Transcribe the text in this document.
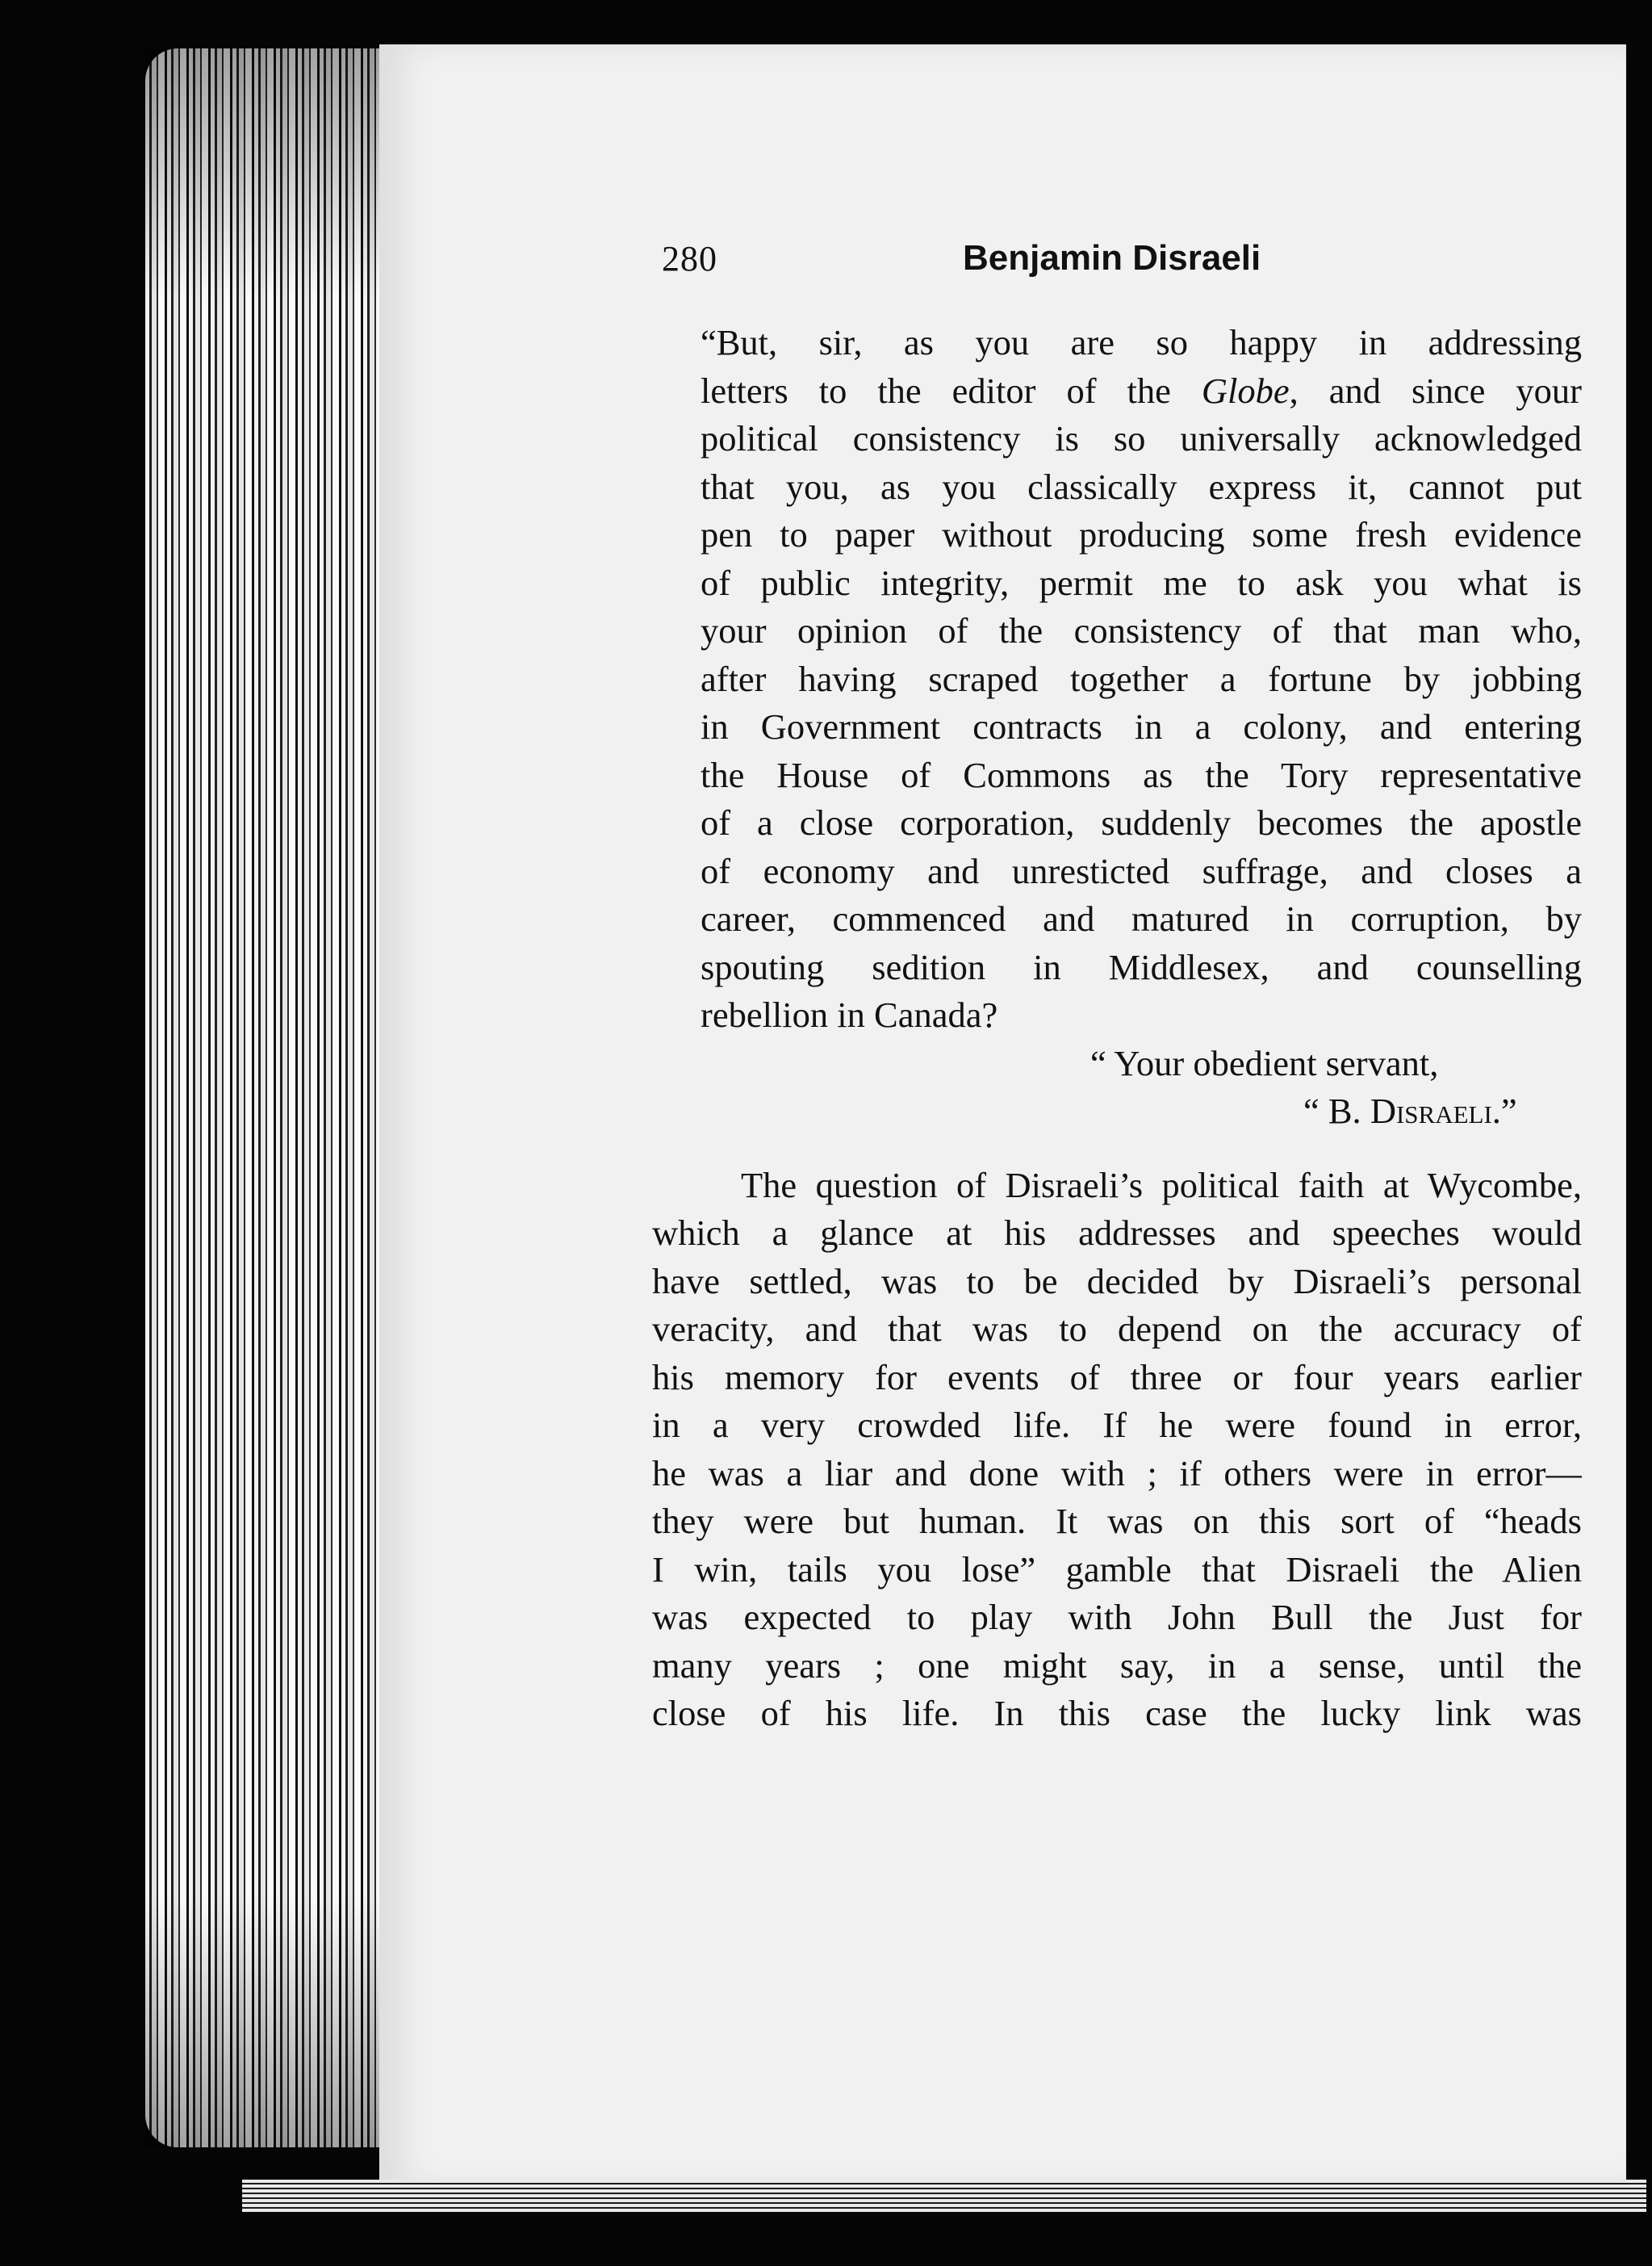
280	Benjamin Disraeli
“But, sir, as you are so happy in addressing
letters to the editor of the Globe, and since your
political consistency is so universally acknowledged
that you, as you classically express it, cannot put
pen to paper without producing some fresh evidence
of public integrity, permit me to ask you what is
your opinion of the consistency of that man who,
after having scraped together a fortune by jobbing
in Government contracts in a colony, and entering
the House of Commons as the Tory representative
of a close corporation, suddenly becomes the apostle
of economy and unresticted suffrage, and closes a
career, commenced and matured in corruption, by
spouting sedition in Middlesex, and counselling
rebellion in Canada?
“ Your obedient servant,
“ B. Disraeli.”
The question of Disraeli’s political faith at Wycombe,
which a glance at his addresses and speeches would
have settled, was to be decided by Disraeli’s personal
veracity, and that was to depend on the accuracy of
his memory for events of three or four years earlier
in a very crowded life. If he were found in error,
he was a liar and done with ; if others were in error—
they were but human. It was on this sort of “heads
I win, tails you lose” gamble that Disraeli the Alien
was expected to play with John Bull the Just for
many years ; one might say, in a sense, until the
close of his life. In this case the lucky link was
